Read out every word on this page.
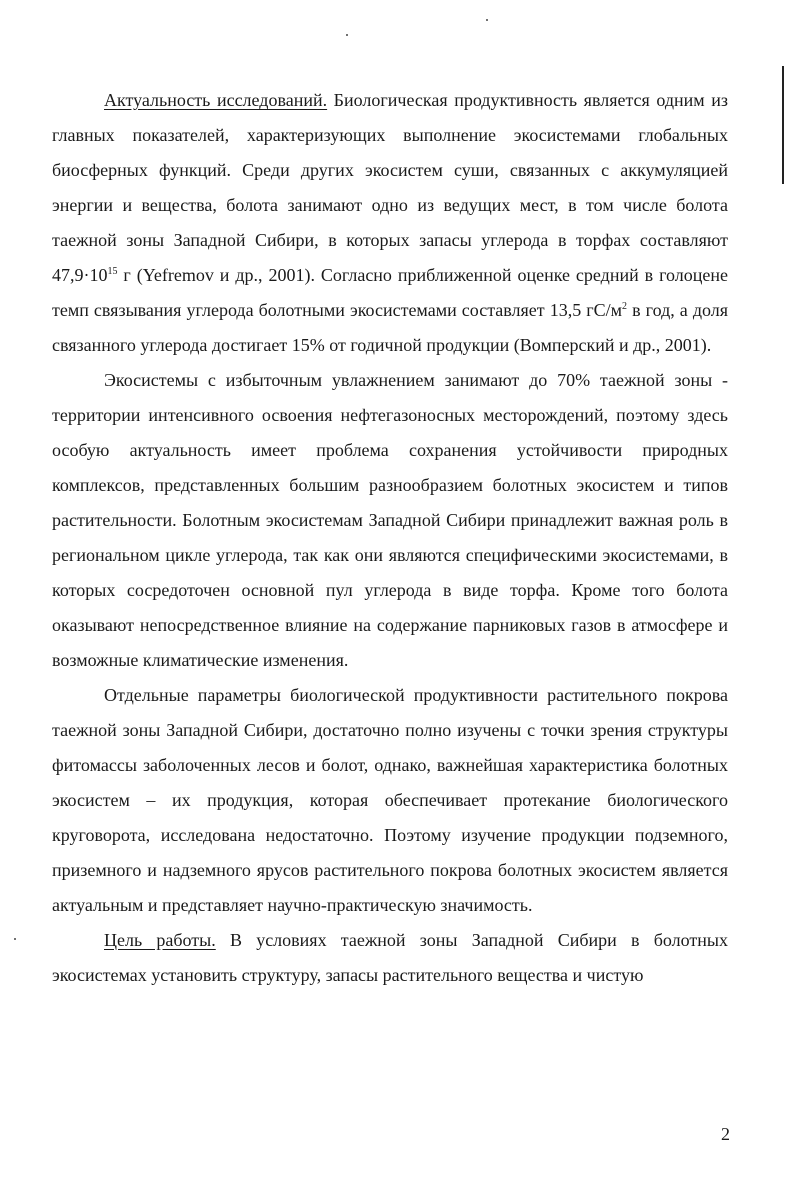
Актуальность исследований. Биологическая продуктивность является одним из главных показателей, характеризующих выполнение экосистемами глобальных биосферных функций. Среди других экосистем суши, связанных с аккумуляцией энергии и вещества, болота занимают одно из ведущих мест, в том числе болота таежной зоны Западной Сибири, в которых запасы углерода в торфах составляют $47,9\cdot 10^{15}$ г (Yefremov и др., 2001). Согласно приближенной оценке средний в голоцене темп связывания углерода болотными экосистемами составляет 13,5 $гС/м^2$ в год, а доля связанного углерода достигает 15% от годичной продукции (Вомперский и др., 2001).

Экосистемы с избыточным увлажнением занимают до 70% таежной зоны - территории интенсивного освоения нефтегазоносных месторождений, поэтому здесь особую актуальность имеет проблема сохранения устойчивости природных комплексов, представленных большим разнообразием болотных экосистем и типов растительности. Болотным экосистемам Западной Сибири принадлежит важная роль в региональном цикле углерода, так как они являются специфическими экосистемами, в которых сосредоточен основной пул углерода в виде торфа. Кроме того болота оказывают непосредственное влияние на содержание парниковых газов в атмосфере и возможные климатические изменения.

Отдельные параметры биологической продуктивности растительного покрова таежной зоны Западной Сибири, достаточно полно изучены с точки зрения структуры фитомассы заболоченных лесов и болот, однако, важнейшая характеристика болотных экосистем – их продукция, которая обеспечивает протекание биологического круговорота, исследована недостаточно. Поэтому изучение продукции подземного, приземного и надземного ярусов растительного покрова болотных экосистем является актуальным и представляет научно-практическую значимость.

Цель работы. В условиях таежной зоны Западной Сибири в болотных экосистемах установить структуру, запасы растительного вещества и чистую

2
